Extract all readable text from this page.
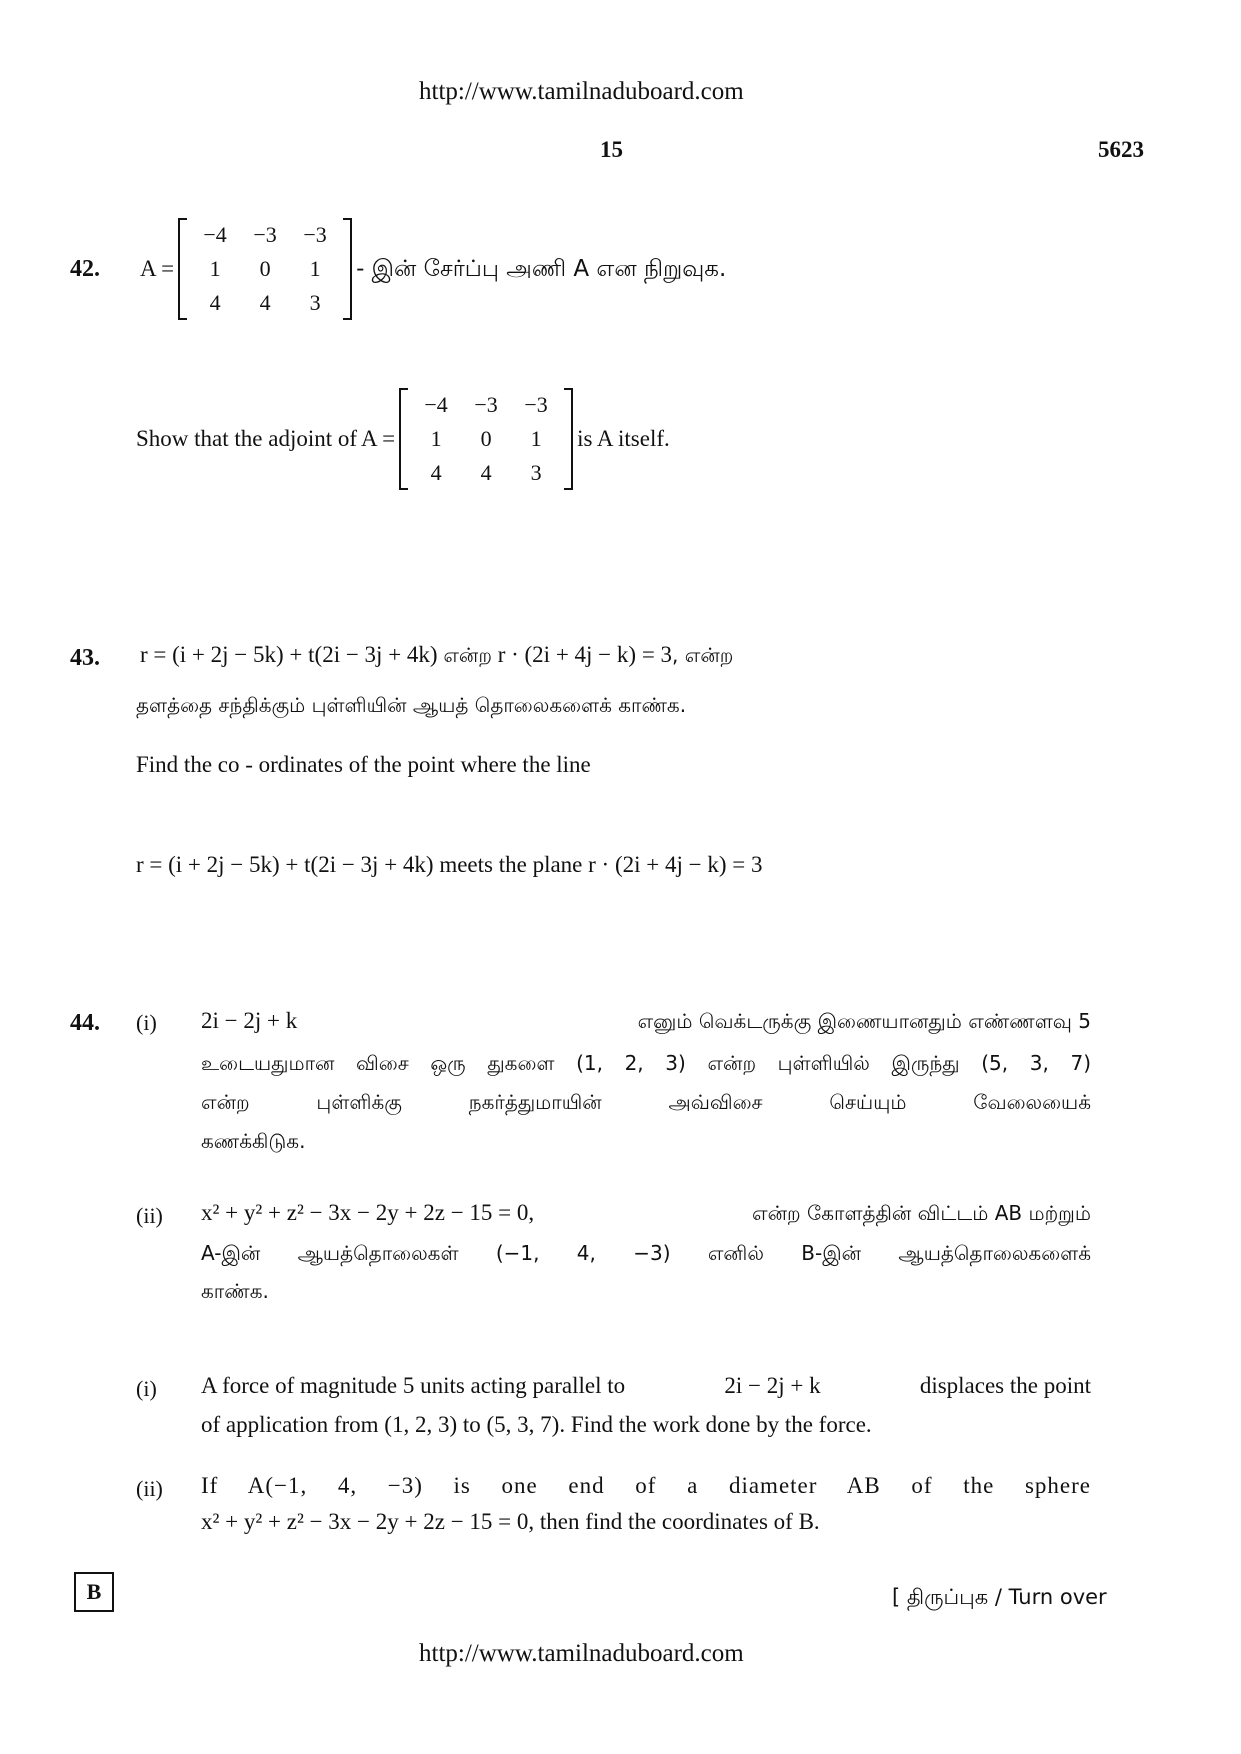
http://www.tamilnaduboard.com
15	5623
42. A =
−4	−3	−3
1	0	1
4	4	3
- இன் சேர்ப்பு அணி A என நிறுவுக.
Show that the adjoint of A =
−4	−3	−3
1	0	1
4	4	3
is A itself.
43. r = (i + 2j − 5k) + t(2i − 3j + 4k) என்ற r · (2i + 4j − k) = 3, என்ற
தளத்தை சந்திக்கும் புள்ளியின் ஆயத் தொலைகளைக் காண்க.
Find the co - ordinates of the point where the line
r = (i + 2j − 5k) + t(2i − 3j + 4k) meets the plane r · (2i + 4j − k) = 3
44. (i) 2i − 2j + k	எனும் வெக்டருக்கு இணையானதும் எண்ணளவு 5
உடையதுமான விசை ஒரு துகளை (1, 2, 3) என்ற புள்ளியில் இருந்து (5, 3, 7)
என்ற புள்ளிக்கு நகர்த்துமாயின் அவ்விசை செய்யும் வேலையைக்
கணக்கிடுக.
(ii) x² + y² + z² − 3x − 2y + 2z − 15 = 0,	என்ற கோளத்தின் விட்டம் AB மற்றும்
A-இன் ஆயத்தொலைகள் (−1, 4, −3) எனில் B-இன் ஆயத்தொலைகளைக்
காண்க.
(i) A force of magnitude 5 units acting parallel to	2i − 2j + k	displaces the point
of application from (1, 2, 3) to (5, 3, 7). Find the work done by the force.
(ii) If A(−1, 4, −3) is one end of a diameter AB of the sphere
x² + y² + z² − 3x − 2y + 2z − 15 = 0, then find the coordinates of B.
B	[ திருப்புக / Turn over
http://www.tamilnaduboard.com
